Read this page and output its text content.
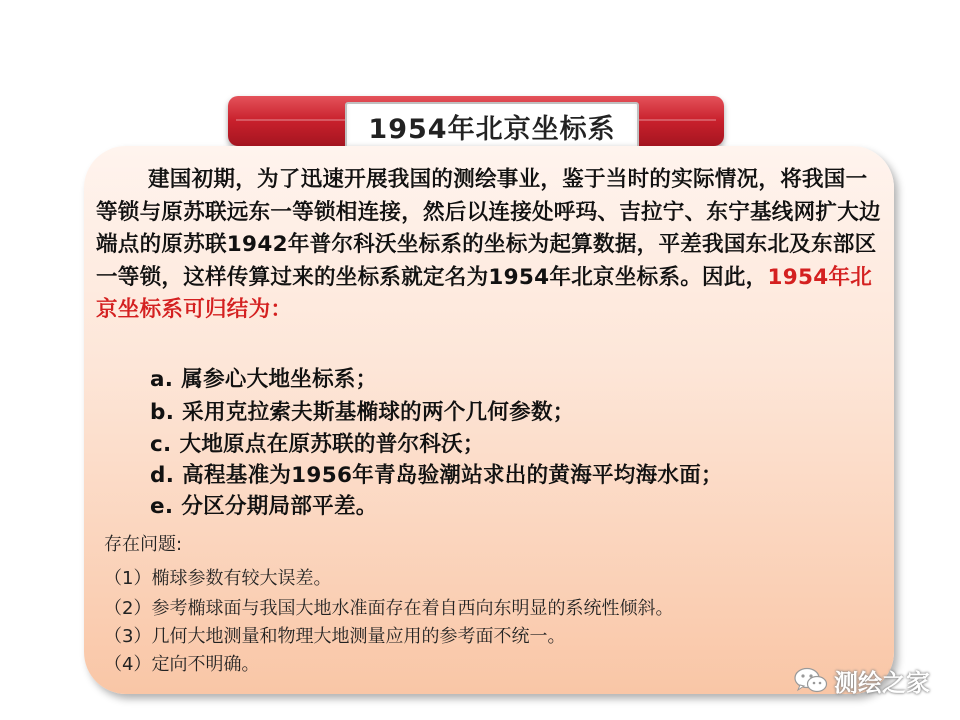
1954年北京坐标系

建国初期，为了迅速开展我国的测绘事业，鉴于当时的实际情况，将我国一等锁与原苏联远东一等锁相连接，然后以连接处呼玛、吉拉宁、东宁基线网扩大边端点的原苏联1942年普尔科沃坐标系的坐标为起算数据，平差我国东北及东部区一等锁，这样传算过来的坐标系就定名为1954年北京坐标系。因此，1954年北京坐标系可归结为：

a. 属参心大地坐标系；
b. 采用克拉索夫斯基椭球的两个几何参数；
c. 大地原点在原苏联的普尔科沃；
d. 高程基准为1956年青岛验潮站求出的黄海平均海水面；
e. 分区分期局部平差。
存在问题:
（1）椭球参数有较大误差。
（2）参考椭球面与我国大地水准面存在着自西向东明显的系统性倾斜。
（3）几何大地测量和物理大地测量应用的参考面不统一。
（4）定向不明确。
测绘之家
